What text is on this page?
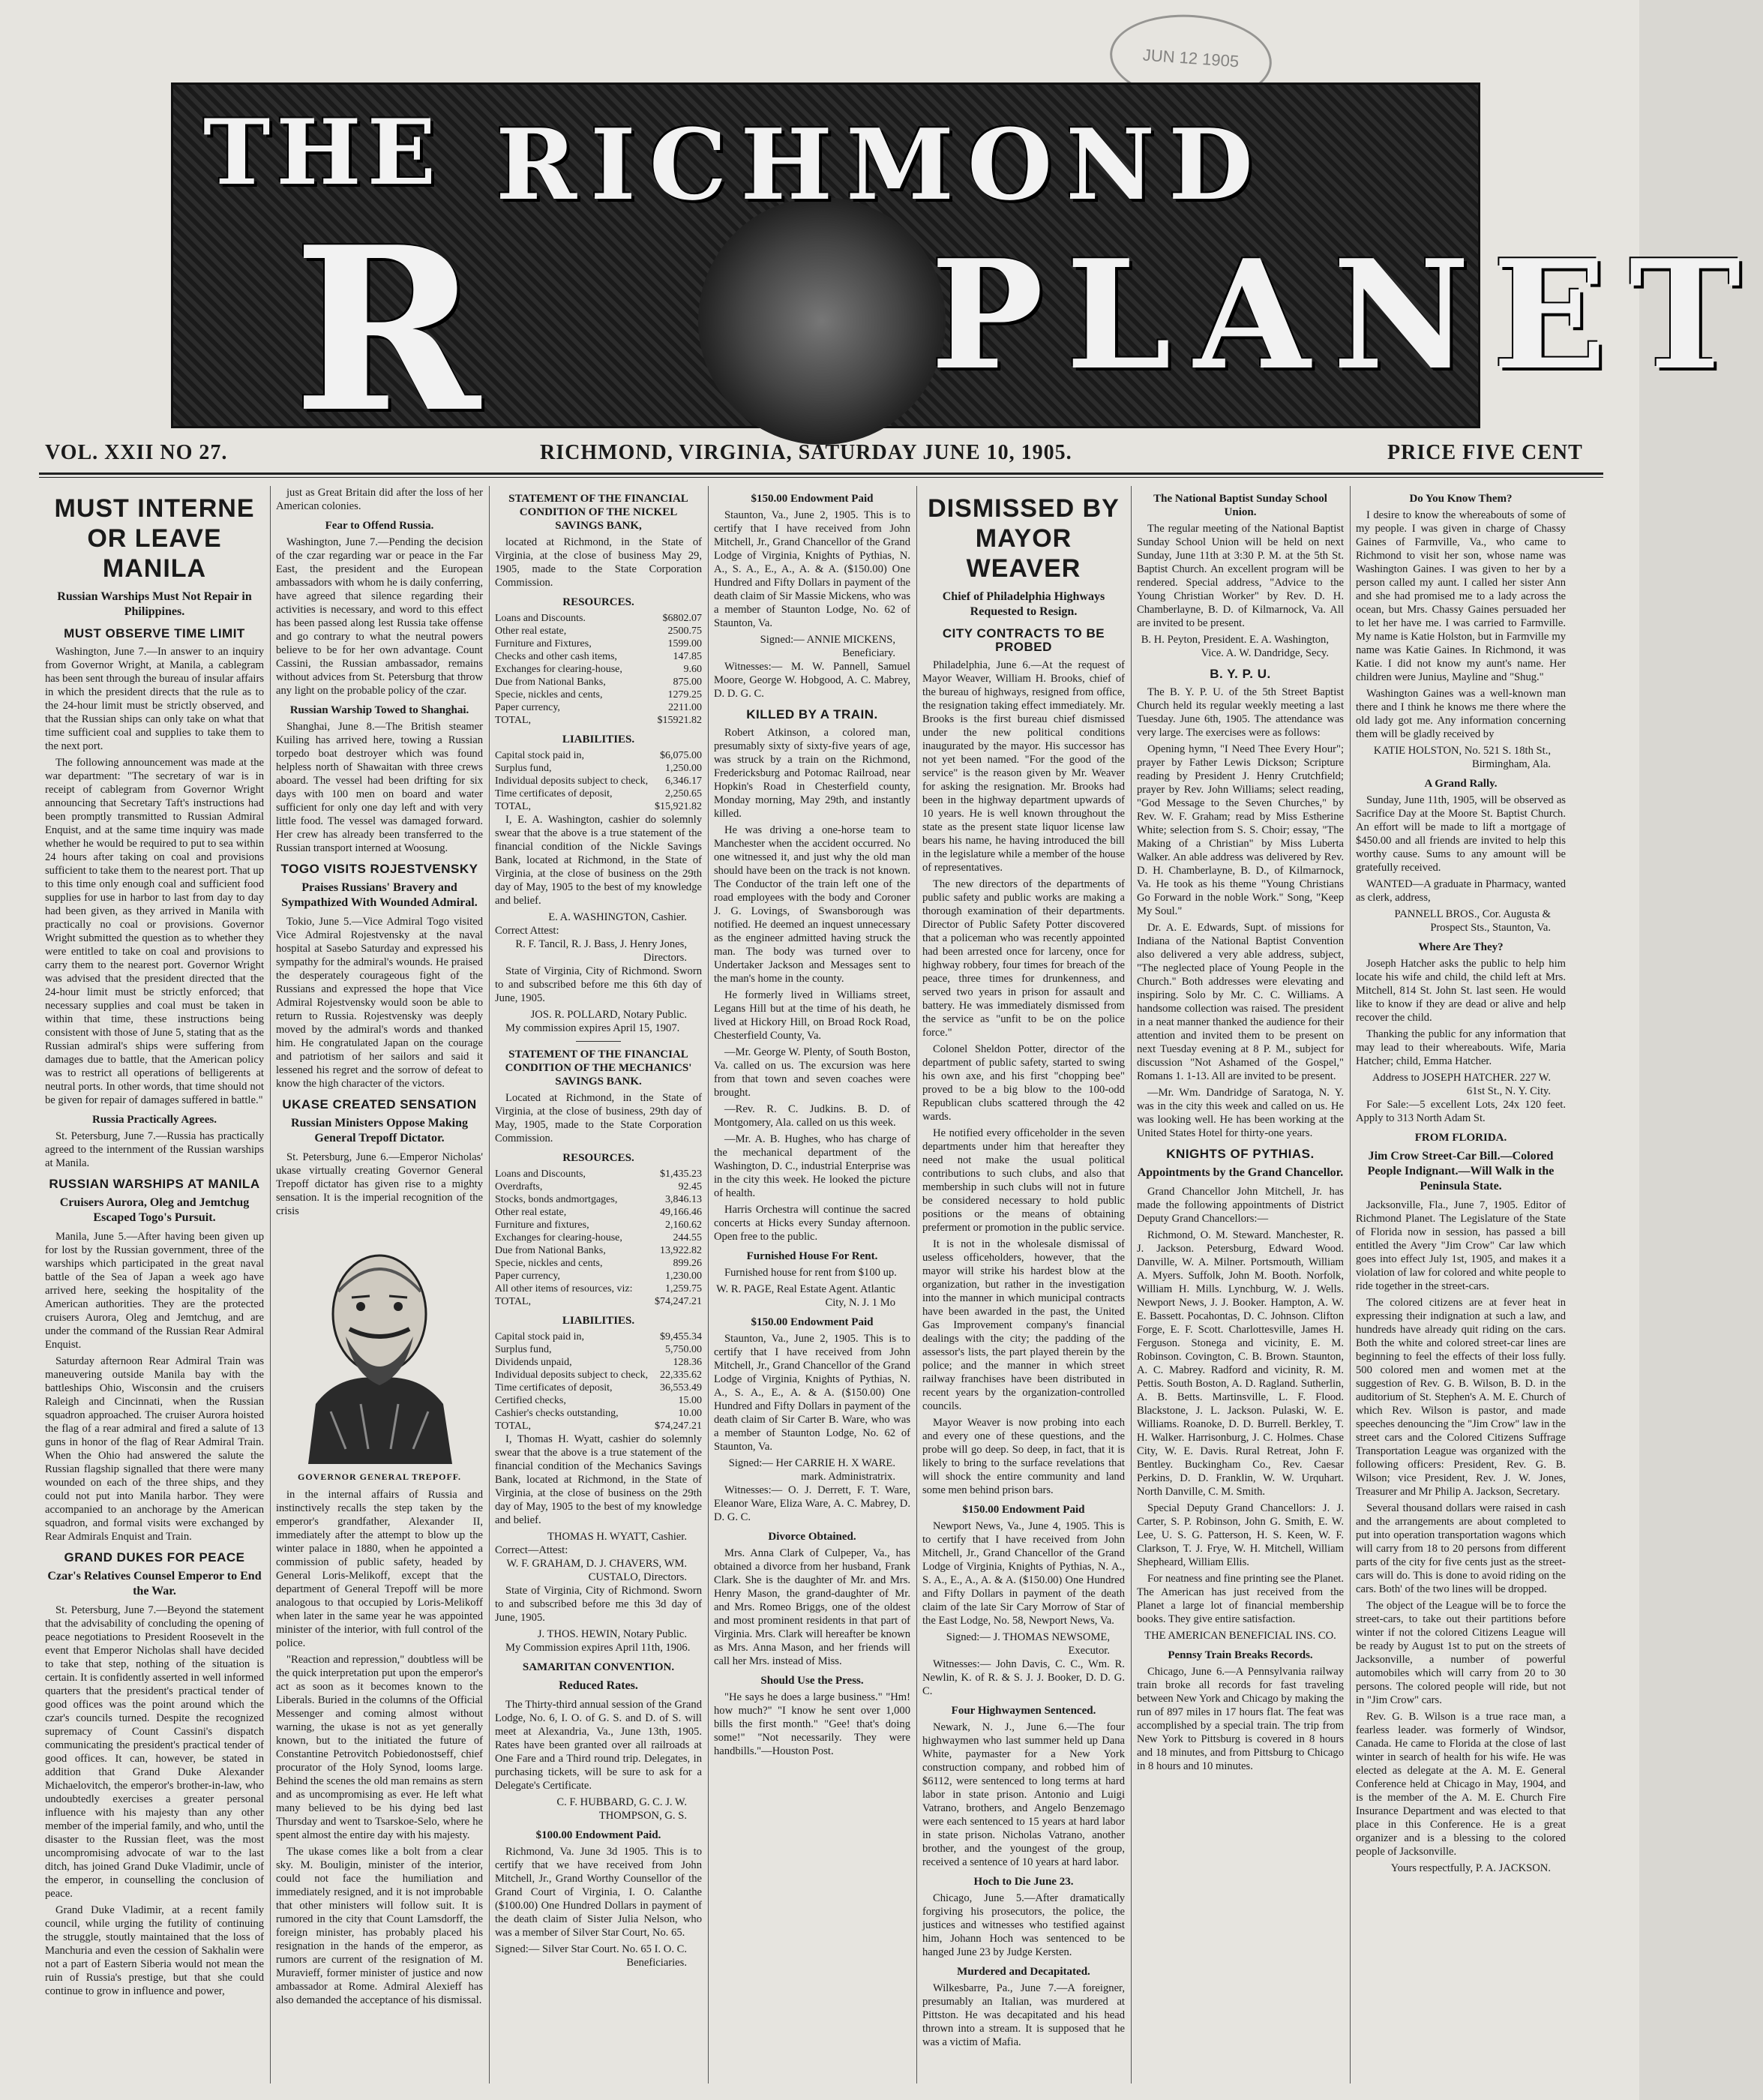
JUN 12 1905
THE RICHMOND
R	PLANET
VOL. XXII NO 27.	RICHMOND, VIRGINIA, SATURDAY JUNE 10, 1905.	PRICE FIVE CENT
MUST INTERNE OR LEAVE MANILA
Russian Warships Must Not Repair in Philippines.
MUST OBSERVE TIME LIMIT

Washington, June 7.—In answer to an inquiry from Governor Wright, at Manila, a cablegram has been sent through the bureau of insular affairs in which the president directs that the rule as to the 24-hour limit must be strictly observed, and that the Russian ships can only take on what that time sufficient coal and supplies to take them to the next port.

The following announcement was made at the war department: "The secretary of war is in receipt of cablegram from Governor Wright announcing that Secretary Taft's instructions had been promptly transmitted to Russian Admiral Enquist, and at the same time inquiry was made whether he would be required to put to sea within 24 hours after taking on coal and provisions sufficient to take them to the nearest port. That up to this time only enough coal and sufficient food supplies for use in harbor to last from day to day had been given, as they arrived in Manila with practically no coal or provisions. Governor Wright submitted the question as to whether they were entitled to take on coal and provisions to carry them to the nearest port. Governor Wright was advised that the president directed that the 24-hour limit must be strictly enforced; that necessary supplies and coal must be taken in within that time, these instructions being consistent with those of June 5, stating that as the Russian admiral's ships were suffering from damages due to battle, that the American policy was to restrict all operations of belligerents at neutral ports. In other words, that time should not be given for repair of damages suffered in battle."

Russia Practically Agrees.

St. Petersburg, June 7.—Russia has practically agreed to the internment of the Russian warships at Manila.

RUSSIAN WARSHIPS AT MANILA
Cruisers Aurora, Oleg and Jemtchug Escaped Togo's Pursuit.

Manila, June 5.—After having been given up for lost by the Russian government, three of the warships which participated in the great naval battle of the Sea of Japan a week ago have arrived here, seeking the hospitality of the American authorities. They are the protected cruisers Aurora, Oleg and Jemtchug, and are under the command of the Russian Rear Admiral Enquist.

Saturday afternoon Rear Admiral Train was maneuvering outside Manila bay with the battleships Ohio, Wisconsin and the cruisers Raleigh and Cincinnati, when the Russian squadron approached. The cruiser Aurora hoisted the flag of a rear admiral and fired a salute of 13 guns in honor of the flag of Rear Admiral Train. When the Ohio had answered the salute the Russian flagship signalled that there were many wounded on each of the three ships, and they could not put into Manila harbor. They were accompanied to an anchorage by the American squadron, and formal visits were exchanged by Rear Admirals Enquist and Train.

GRAND DUKES FOR PEACE
Czar's Relatives Counsel Emperor to End the War.

St. Petersburg, June 7.—Beyond the statement that the advisability of concluding the opening of peace negotiations to President Roosevelt in the event that Emperor Nicholas shall have decided to take that step, nothing of the situation is certain. It is confidently asserted in well informed quarters that the president's practical tender of good offices was the point around which the czar's councils turned. Despite the recognized supremacy of Count Cassini's dispatch communicating the president's practical tender of good offices. It can, however, be stated in addition that Grand Duke Alexander Michaelovitch, the emperor's brother-in-law, who undoubtedly exercises a greater personal influence with his majesty than any other member of the imperial family, and who, until the disaster to the Russian fleet, was the most uncompromising advocate of war to the last ditch, has joined Grand Duke Vladimir, uncle of the emperor, in counselling the conclusion of peace.

Grand Duke Vladimir, at a recent family council, while urging the futility of continuing the struggle, stoutly maintained that the loss of Manchuria and even the cession of Sakhalin were not a part of Eastern Siberia would not mean the ruin of Russia's prestige, but that she could continue to grow in influence and power,

just as Great Britain did after the loss of her American colonies.

Fear to Offend Russia.

Washington, June 7.—Pending the decision of the czar regarding war or peace in the Far East, the president and the European ambassadors with whom he is daily conferring, have agreed that silence regarding their activities is necessary, and word to this effect has been passed along lest Russia take offense and go contrary to what the neutral powers believe to be for her own advantage. Count Cassini, the Russian ambassador, remains without advices from St. Petersburg that throw any light on the probable policy of the czar.

Russian Warship Towed to Shanghai.

Shanghai, June 8.—The British steamer Kuiling has arrived here, towing a Russian torpedo boat destroyer which was found helpless north of Shawaitan with three crews aboard. The vessel had been drifting for six days with 100 men on board and water sufficient for only one day left and with very little food. The vessel was damaged forward. Her crew has already been transferred to the Russian transport interned at Woosung.

TOGO VISITS ROJESTVENSKY
Praises Russians' Bravery and Sympathized With Wounded Admiral.

Tokio, June 5.—Vice Admiral Togo visited Vice Admiral Rojestvensky at the naval hospital at Sasebo Saturday and expressed his sympathy for the admiral's wounds. He praised the desperately courageous fight of the Russians and expressed the hope that Vice Admiral Rojestvensky would soon be able to return to Russia. Rojestvensky was deeply moved by the admiral's words and thanked him. He congratulated Japan on the courage and patriotism of her sailors and said it lessened his regret and the sorrow of defeat to know the high character of the victors.

UKASE CREATED SENSATION
Russian Ministers Oppose Making General Trepoff Dictator.

St. Petersburg, June 6.—Emperor Nicholas' ukase virtually creating Governor General Trepoff dictator has given rise to a mighty sensation. It is the imperial recognition of the crisis

GOVERNOR GENERAL TREPOFF.

in the internal affairs of Russia and instinctively recalls the step taken by the emperor's grandfather, Alexander II, immediately after the attempt to blow up the winter palace in 1880, when he appointed a commission of public safety, headed by General Loris-Melikoff, except that the department of General Trepoff will be more analogous to that occupied by Loris-Melikoff when later in the same year he was appointed minister of the interior, with full control of the police.

"Reaction and repression," doubtless will be the quick interpretation put upon the emperor's act as soon as it becomes known to the Liberals. Buried in the columns of the Official Messenger and coming almost without warning, the ukase is not as yet generally known, but to the initiated the future of Constantine Petrovitch Pobiedonostseff, chief procurator of the Holy Synod, looms large. Behind the scenes the old man remains as stern and as uncompromising as ever. He left what many believed to be his dying bed last Thursday and went to Tsarskoe-Selo, where he spent almost the entire day with his majesty.

The ukase comes like a bolt from a clear sky. M. Bouligin, minister of the interior, could not face the humiliation and immediately resigned, and it is not improbable that other ministers will follow suit. It is rumored in the city that Count Lamsdorff, the foreign minister, has probably placed his resignation in the hands of the emperor, as rumors are current of the resignation of M. Muravieff, former minister of justice and now ambassador at Rome. Admiral Alexieff has also demanded the acceptance of his dismissal.

STATEMENT OF THE FINANCIAL CONDITION OF THE NICKEL SAVINGS BANK,

located at Richmond, in the State of Virginia, at the close of business May 29, 1905, made to the State Corporation Commission.

RESOURCES.
Loans and Discounts.	$6802.07
Other real estate,	2500.75
Furniture and Fixtures,	1599.00
Checks and other cash items,	147.85
Exchanges for clearing-house,	9.60
Due from National Banks,	875.00
Specie, nickles and cents,	1279.25
Paper currency,	2211.00
TOTAL,	$15921.82
LIABILITIES.
Capital stock paid in,	$6,075.00
Surplus fund,	1,250.00
Individual deposits subject to check, 6,346.17
Time certificates of deposit,	2,250.65
TOTAL,	$15,921.82

I, E. A. Washington, cashier do solemnly swear that the above is a true statement of the financial condition of the Nickle Savings Bank, located at Richmond, in the State of Virginia, at the close of business on the 29th day of May, 1905 to the best of my knowledge and belief.

E. A. WASHINGTON, Cashier.
Correct Attest:
R. F. Tancil, R. J. Bass, J. Henry Jones, Directors.

State of Virginia, City of Richmond. Sworn to and subscribed before me this 6th day of June, 1905.

JOS. R. POLLARD, Notary Public.

My commission expires April 15, 1907.

STATEMENT OF THE FINANCIAL CONDITION OF THE MECHANICS' SAVINGS BANK.

Located at Richmond, in the State of Virginia, at the close of business, 29th day of May, 1905, made to the State Corporation Commission.

RESOURCES.
Loans and Discounts,	$1,435.23
Overdrafts,	92.45
Stocks, bonds andmortgages,	3,846.13
Other real estate,	49,166.46
Furniture and fixtures,	2,160.62
Exchanges for clearing-house,	244.55
Due from National Banks,	13,922.82
Specie, nickles and cents,	899.26
Paper currency,	1,230.00
All other items of resources, viz:	1,259.75
TOTAL,	$74,247.21
LIABILITIES.
Capital stock paid in,	$9,455.34
Surplus fund,	5,750.00
Dividends unpaid,	128.36
Individual deposits subject to check, 22,335.62
Time certificates of deposit,	36,553.49
Certified checks,	15.00
Cashier's checks outstanding,	10.00
TOTAL,	$74,247.21

I, Thomas H. Wyatt, cashier do solemnly swear that the above is a true statement of the financial condition of the Mechanics Savings Bank, located at Richmond, in the State of Virginia, at the close of business on the 29th day of May, 1905 to the best of my knowledge and belief.

THOMAS H. WYATT, Cashier.
Correct—Attest:
W. F. GRAHAM, D. J. CHAVERS, WM. CUSTALO, Directors.

State of Virginia, City of Richmond. Sworn to and subscribed before me this 3d day of June, 1905.

J. THOS. HEWIN, Notary Public.

My Commission expires April 11th, 1906.

SAMARITAN CONVENTION.
Reduced Rates.

The Thirty-third annual session of the Grand Lodge, No. 6, I. O. of G. S. and D. of S. will meet at Alexandria, Va., June 13th, 1905. Rates have been granted over all railroads at One Fare and a Third round trip. Delegates, in purchasing tickets, will be sure to ask for a Delegate's Certificate.

C. F. HUBBARD, G. C. J. W. THOMPSON, G. S.
$100.00 Endowment Paid.

Richmond, Va. June 3d 1905. This is to certify that we have received from John Mitchell, Jr., Grand Worthy Counsellor of the Grand Court of Virginia, I. O. Calanthe ($100.00) One Hundred Dollars in payment of the death claim of Sister Julia Nelson, who was a member of Silver Star Court, No. 65.

Signed:— Silver Star Court. No. 65 I. O. C. Beneficiaries.
$150.00 Endowment Paid

Staunton, Va., June 2, 1905. This is to certify that I have received from John Mitchell, Jr., Grand Chancellor of the Grand Lodge of Virginia, Knights of Pythias, N. A., S. A., E., A., A. & A. ($150.00) One Hundred and Fifty Dollars in payment of the death claim of Sir Massie Mickens, who was a member of Staunton Lodge, No. 62 of Staunton, Va.

Signed:— ANNIE MICKENS, Beneficiary.

Witnesses:— M. W. Pannell, Samuel Moore, George W. Hobgood, A. C. Mabrey, D. D. G. C.

KILLED BY A TRAIN.

Robert Atkinson, a colored man, presumably sixty of sixty-five years of age, was struck by a train on the Richmond, Fredericksburg and Potomac Railroad, near Hopkin's Road in Chesterfield county, Monday morning, May 29th, and instantly killed.

He was driving a one-horse team to Manchester when the accident occurred. No one witnessed it, and just why the old man should have been on the track is not known. The Conductor of the train left one of the road employees with the body and Coroner J. G. Lovings, of Swansborough was notified. He deemed an inquest unnecessary as the engineer admitted having struck the man. The body was turned over to Undertaker Jackson and Messages sent to the man's home in the county.

He formerly lived in Williams street, Legans Hill but at the time of his death, he lived at Hickory Hill, on Broad Rock Road, Chesterfield County, Va.

—Mr. George W. Plenty, of South Boston, Va. called on us. The excursion was here from that town and seven coaches were brought.

—Rev. R. C. Judkins. B. D. of Montgomery, Ala. called on us this week.

—Mr. A. B. Hughes, who has charge of the mechanical department of the Washington, D. C., industrial Enterprise was in the city this week. He looked the picture of health.

Harris Orchestra will continue the sacred concerts at Hicks every Sunday afternoon. Open free to the public.

Furnished House For Rent.

Furnished house for rent from $100 up.

W. R. PAGE, Real Estate Agent. Atlantic City, N. J. 1 Mo
$150.00 Endowment Paid

Staunton, Va., June 2, 1905. This is to certify that I have received from John Mitchell, Jr., Grand Chancellor of the Grand Lodge of Virginia, Knights of Pythias, N. A., S. A., E., A. & A. ($150.00) One Hundred and Fifty Dollars in payment of the death claim of Sir Carter B. Ware, who was a member of Staunton Lodge, No. 62 of Staunton, Va.

Signed:— Her CARRIE H. X WARE. mark. Administratrix.

Witnesses:— O. J. Derrett, F. T. Ware, Eleanor Ware, Eliza Ware, A. C. Mabrey, D. D. G. C.

Divorce Obtained.

Mrs. Anna Clark of Culpeper, Va., has obtained a divorce from her husband, Frank Clark. She is the daughter of Mr. and Mrs. Henry Mason, the grand-daughter of Mr. and Mrs. Romeo Briggs, one of the oldest and most prominent residents in that part of Virginia. Mrs. Clark will hereafter be known as Mrs. Anna Mason, and her friends will call her Mrs. instead of Miss.

Should Use the Press.

"He says he does a large business." "Hm! how much?" "I know he sent over 1,000 bills the first month." "Gee! that's doing some!" "Not necessarily. They were handbills."—Houston Post.

DISMISSED BY MAYOR WEAVER
Chief of Philadelphia Highways Requested to Resign.
CITY CONTRACTS TO BE PROBED

Philadelphia, June 6.—At the request of Mayor Weaver, William H. Brooks, chief of the bureau of highways, resigned from office, the resignation taking effect immediately. Mr. Brooks is the first bureau chief dismissed under the new political conditions inaugurated by the mayor. His successor has not yet been named. "For the good of the service" is the reason given by Mr. Weaver for asking the resignation. Mr. Brooks had been in the highway department upwards of 10 years. He is well known throughout the state as the present state liquor license law bears his name, he having introduced the bill in the legislature while a member of the house of representatives.

The new directors of the departments of public safety and public works are making a thorough examination of their departments. Director of Public Safety Potter discovered that a policeman who was recently appointed had been arrested once for larceny, once for highway robbery, four times for breach of the peace, three times for drunkenness, and served two years in prison for assault and battery. He was immediately dismissed from the service as "unfit to be on the police force."

Colonel Sheldon Potter, director of the department of public safety, started to swing his own axe, and his first "chopping bee" proved to be a big blow to the 100-odd Republican clubs scattered through the 42 wards.

He notified every officeholder in the seven departments under him that hereafter they need not make the usual political contributions to such clubs, and also that membership in such clubs will not in future be considered necessary to hold public positions or the means of obtaining preferment or promotion in the public service.

It is not in the wholesale dismissal of useless officeholders, however, that the mayor will strike his hardest blow at the organization, but rather in the investigation into the manner in which municipal contracts have been awarded in the past, the United Gas Improvement company's financial dealings with the city; the padding of the assessor's lists, the part played therein by the police; and the manner in which street railway franchises have been distributed in recent years by the organization-controlled councils.

Mayor Weaver is now probing into each and every one of these questions, and the probe will go deep. So deep, in fact, that it is likely to bring to the surface revelations that will shock the entire community and land some men behind prison bars.

$150.00 Endowment Paid

Newport News, Va., June 4, 1905. This is to certify that I have received from John Mitchell, Jr., Grand Chancellor of the Grand Lodge of Virginia, Knights of Pythias, N. A., S. A., E., A., A. & A. ($150.00) One Hundred and Fifty Dollars in payment of the death claim of the late Sir Cary Morrow of Star of the East Lodge, No. 58, Newport News, Va.

Signed:— J. THOMAS NEWSOME, Executor.

Witnesses:— John Davis, C. C., Wm. R. Newlin, K. of R. & S. J. J. Booker, D. D. G. C.

Four Highwaymen Sentenced.

Newark, N. J., June 6.—The four highwaymen who last summer held up Dana White, paymaster for a New York construction company, and robbed him of $6112, were sentenced to long terms at hard labor in state prison. Antonio and Luigi Vatrano, brothers, and Angelo Benzemago were each sentenced to 15 years at hard labor in state prison. Nicholas Vatrano, another brother, and the youngest of the group, received a sentence of 10 years at hard labor.

Hoch to Die June 23.

Chicago, June 5.—After dramatically forgiving his prosecutors, the police, the justices and witnesses who testified against him, Johann Hoch was sentenced to be hanged June 23 by Judge Kersten.

Murdered and Decapitated.

Wilkesbarre, Pa., June 7.—A foreigner, presumably an Italian, was murdered at Pittston. He was decapitated and his head thrown into a stream. It is supposed that he was a victim of Mafia.

The National Baptist Sunday School Union.

The regular meeting of the National Baptist Sunday School Union will be held on next Sunday, June 11th at 3:30 P. M. at the 5th St. Baptist Church. An excellent program will be rendered. Special address, "Advice to the Young Christian Worker" by Rev. D. H. Chamberlayne, B. D. of Kilmarnock, Va. All are invited to be present.

B. H. Peyton, President. E. A. Washington, Vice. A. W. Dandridge, Secy.
B. Y. P. U.

The B. Y. P. U. of the 5th Street Baptist Church held its regular weekly meeting a last Tuesday. June 6th, 1905. The attendance was very large. The exercises were as follows:

Opening hymn, "I Need Thee Every Hour"; prayer by Father Lewis Dickson; Scripture reading by President J. Henry Crutchfield; prayer by Rev. John Williams; select reading, "God Message to the Seven Churches," by Rev. W. F. Graham; read by Miss Estherine White; selection from S. S. Choir; essay, "The Making of a Christian" by Miss Luberta Walker. An able address was delivered by Rev. D. H. Chamberlayne, B. D., of Kilmarnock, Va. He took as his theme "Young Christians Go Forward in the noble Work." Song, "Keep My Soul."

Dr. A. E. Edwards, Supt. of missions for Indiana of the National Baptist Convention also delivered a very able address, subject, "The neglected place of Young People in the Church." Both addresses were elevating and inspiring. Solo by Mr. C. C. Williams. A handsome collection was raised. The president in a neat manner thanked the audience for their attention and invited them to be present on next Tuesday evening at 8 P. M., subject for discussion "Not Ashamed of the Gospel," Romans 1. 1-13. All are invited to be present.

—Mr. Wm. Dandridge of Saratoga, N. Y. was in the city this week and called on us. He was looking well. He has been working at the United States Hotel for thirty-one years.

KNIGHTS OF PYTHIAS.
Appointments by the Grand Chancellor.

Grand Chancellor John Mitchell, Jr. has made the following appointments of District Deputy Grand Chancellors:—

Richmond, O. M. Steward. Manchester, R. J. Jackson. Petersburg, Edward Wood. Danville, W. A. Milner. Portsmouth, William A. Myers. Suffolk, John M. Booth. Norfolk, William H. Mills. Lynchburg, W. J. Wells. Newport News, J. J. Booker. Hampton, A. W. E. Bassett. Pocahontas, D. C. Johnson. Clifton Forge, E. F. Scott. Charlottesville, James H. Ferguson. Stonega and vicinity, E. M. Robinson. Covington, C. B. Brown. Staunton, A. C. Mabrey. Radford and vicinity, R. M. Pettis. South Boston, A. D. Ragland. Sutherlin, A. B. Betts. Martinsville, L. F. Flood. Blackstone, J. L. Jackson. Pulaski, W. E. Williams. Roanoke, D. D. Burrell. Berkley, T. H. Walker. Harrisonburg, J. C. Holmes. Chase City, W. E. Davis. Rural Retreat, John F. Bentley. Buckingham Co., Rev. Caesar Perkins, D. D. Franklin, W. W. Urquhart. North Danville, C. M. Smith.

Special Deputy Grand Chancellors: J. J. Carter, S. P. Robinson, John G. Smith, E. W. Lee, U. S. G. Patterson, H. S. Keen, W. F. Clarkson, T. J. Frye, W. H. Mitchell, William Shepheard, William Ellis.

For neatness and fine printing see the Planet. The American has just received from the Planet a large lot of financial membership books. They give entire satisfaction.

THE AMERICAN BENEFICIAL INS. CO.
Pennsy Train Breaks Records.

Chicago, June 6.—A Pennsylvania railway train broke all records for fast traveling between New York and Chicago by making the run of 897 miles in 17 hours flat. The feat was accomplished by a special train. The trip from New York to Pittsburg is covered in 8 hours and 18 minutes, and from Pittsburg to Chicago in 8 hours and 10 minutes.

Do You Know Them?

I desire to know the whereabouts of some of my people. I was given in charge of Chassy Gaines of Farmville, Va., who came to Richmond to visit her son, whose name was Washington Gaines. I was given to her by a person called my aunt. I called her sister Ann and she had promised me to a lady across the ocean, but Mrs. Chassy Gaines persuaded her to let her have me. I was carried to Farmville. My name is Katie Holston, but in Farmville my name was Katie Gaines. In Richmond, it was Katie. I did not know my aunt's name. Her children were Junius, Mayline and "Shug."

Washington Gaines was a well-known man there and I think he knows me there where the old lady got me. Any information concerning them will be gladly received by

KATIE HOLSTON, No. 521 S. 18th St., Birmingham, Ala.
A Grand Rally.

Sunday, June 11th, 1905, will be observed as Sacrifice Day at the Moore St. Baptist Church. An effort will be made to lift a mortgage of $450.00 and all friends are invited to help this worthy cause. Sums to any amount will be gratefully received.

WANTED—A graduate in Pharmacy, wanted as clerk, address,

PANNELL BROS., Cor. Augusta & Prospect Sts., Staunton, Va.
Where Are They?

Joseph Hatcher asks the public to help him locate his wife and child, the child left at Mrs. Mitchell, 814 St. John St. last seen. He would like to know if they are dead or alive and help recover the child.

Thanking the public for any information that may lead to their whereabouts. Wife, Maria Hatcher; child, Emma Hatcher.

Address to JOSEPH HATCHER. 227 W. 61st St., N. Y. City.

For Sale:—5 excellent Lots, 24x 120 feet. Apply to 313 North Adam St.

FROM FLORIDA.
Jim Crow Street-Car Bill.—Colored People Indignant.—Will Walk in the Peninsula State.

Jacksonville, Fla., June 7, 1905. Editor of Richmond Planet. The Legislature of the State of Florida now in session, has passed a bill entitled the Avery "Jim Crow" Car law which goes into effect July 1st, 1905, and makes it a violation of law for colored and white people to ride together in the street-cars.

The colored citizens are at fever heat in expressing their indignation at such a law, and hundreds have already quit riding on the cars. Both the white and colored street-car lines are beginning to feel the effects of their loss fully. 500 colored men and women met at the suggestion of Rev. G. B. Wilson, B. D. in the auditorium of St. Stephen's A. M. E. Church of which Rev. Wilson is pastor, and made speeches denouncing the "Jim Crow" law in the street cars and the Colored Citizens Suffrage Transportation League was organized with the following officers: President, Rev. G. B. Wilson; vice President, Rev. J. W. Jones, Treasurer and Mr Philip A. Jackson, Secretary.

Several thousand dollars were raised in cash and the arrangements are about completed to put into operation transportation wagons which will carry from 18 to 20 persons from different parts of the city for five cents just as the street-cars will do. This is done to avoid riding on the cars. Both' of the two lines will be dropped.

The object of the League will be to force the street-cars, to take out their partitions before winter if not the colored Citizens League will be ready by August 1st to put on the streets of Jacksonville, a number of powerful automobiles which will carry from 20 to 30 persons. The colored people will ride, but not in "Jim Crow" cars.

Rev. G. B. Wilson is a true race man, a fearless leader. was formerly of Windsor, Canada. He came to Florida at the close of last winter in search of health for his wife. He was elected as delegate at the A. M. E. General Conference held at Chicago in May, 1904, and is the member of the A. M. E. Church Fire Insurance Department and was elected to that place in this Conference. He is a great organizer and is a blessing to the colored people of Jacksonville.

Yours respectfully, P. A. JACKSON.
